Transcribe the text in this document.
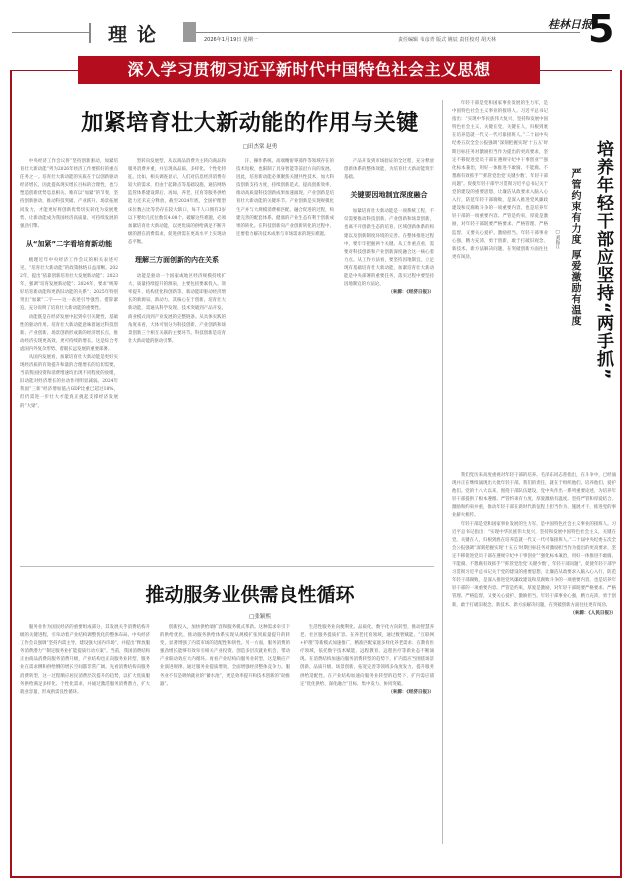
理论	2026年1月19日 星期一
桂林日报
责任编辑 韦彦青 版式 姚辰 责任校对 胡天林 5
深入学习贯彻习近平新时代中国特色社会主义思想
加紧培育壮大新动能的作用与关键
□田杰棠 赵勇

中央经济工作会议将“坚持创新驱动，加紧培育壮大新动能”列为2026年经济工作要抓好的重点任务之一。培育壮大新动能的实质在于以创新驱动经济增长，因此提高现实增长目标的合理性，也与塑造创新优势息息相关。唯有以“加紧”的节奏，坚持创新驱动，推动科技突破、产业跃升、场景拓展同发力，才能更好将创新优势切实转化为发展胜势，让新动能成为我国经济高质量、可持续发展的强劲引擎。

从“加紧”二字看培育新动能

梳理近年中央经济工作会议的相关表述可见，“培育壮大新动能”的政策脉络日益清晰。2022年，提出“依靠创新培育壮大发展新动能”；2023年，强调“培育发展新动能”；2024年，要求“统筹好培育新动能和更新旧动能的关系”；2025年特别突出“加紧”二字——这一表述引导强烈、措辞紧迫，充分说明了培育壮大新动能的重要性。

动能既是在经济发展中起到牵引关键性、基础性的驱动作用。培育壮大新动能意味着通过科技创新、产业创新、场景创新形成新的经济增长点，推动经济实现更高效、更可持续的增长。这是综合考虑国内外复杂形势、着眼长远发展的重要部署。

从国内发展看，加紧培育壮大新动能是更好实现经济质的有效提升和量的合理增长的迫切需要。当前我国投资和消费增速均出现不同程度的放缓，旧动能对经济增长的拉动作用明显减弱。2024年我国“三新”经济增加值占GDP比重已超过18%，但仍需进一步壮大才能真正挑起支撑经济发展的“大梁”。

型转向发展型，从以商品消费为主转向商品和服务消费并重，并呈现高品质、多样化、个性化特征。比如，相关调查显示，人们对信息经济消费有较大的需求，但由于起降点等基础设施、通信网络监管体系建设滞后，再如，养老、托育等服务供给能力还未充分释放，截至2024年底，全国护理型床位数占比等仍存在较大缺口，每千人口拥有3岁以下婴幼儿托位数仅4.08个。破解这些难题，必须加紧培育壮大新动能，以更优质的供给满足不断升级的潜在消费需求，促进供需在更高水平上实现动态平衡。

理解三方面创新的内在关系

动能是驱动一个国家或地区经济规模持续扩大、质量持续提升的源泉，主要包括要素投入、效率提升、结构优化和创新等。新动能即驱动经济增长的新源泉、新动力，其核心在于创新。培育壮大新动能，需通从科学发现、技术突破到产品开发、商业模式再到产业发展的完整链条。从具体实践的角度来看，大体可划分为科技创新、产业创新和场景创新三个相互关联的主要环节。科技创新是培育壮大新动能的驱动引擎。

汗、操作系统、高端精密零部件等领域存在的技术短板，也限制了具身智能等前沿方向的发展。因此，培育新动能必须聚焦关键共性技术，加大科技创新支持力度，持续创新范式，提高创新效率，推动高质量科技创新成果加速涌现。产业创新是培育壮大新动能的关键环节。产业创新是实现规模化生产并与大规模消费相匹配、融合促进的过程，构建完善的配套体系、健康的产业生态有利于创新成果的转化。在科技创新向产业创新转化的过程中，还要着力解决技术成果与市场需求的现实难题。

产品开发到市场验证的全过程，充分释放创新体系的整体效能，为培育壮大新动能筑牢基础。

关键要因地制宜深度融合

加紧培育壮大新动能是一项系统工程，不仅需要推动科技创新、产业创新和场景创新，也离不开创新生态的培育、区域创新体系的构建以及创新制度环境的完善。在整体推进过程中，要牢牢把握两个关键。从工作重点看，需要对科技创新和产业创新深度融合这一核心着力点。从工作方法看，要坚持因地制宜，立足现有基础培育壮大新动能，加紧培育壮大新动能是中央部署的重要任务，落实过程中要坚持因地制宜的方法论。

（来源：《经济日报》）

推动服务业供需良性循环
□张颖熙

服务业作为国民经济的重要组成部分，其发展关乎消费结构升级的关键进程，引牵动着产业结构调整优化的整体布局。中央经济工作会议强调“坚持内需主导，建设强大国内市场”，并提出“释放服务消费潜力”“制定服务业扩能提质行动方案”。当前，我国消费结构正由商品消费向服务消费升级，产业结构也正向服务业转型，服务业在需求侧和供给侧的增长空间都非常广阔。先看消费结构向服务消费转型，这一过程顺应居民消费层次提升的趋势，以扩大优质服务供给满足多样化、个性化需求，并通过激活服务消费潜力，扩大就业容量，形成供需良性循环。

创新投入，加快供给端扩容和服务模式革新。这种需求牵引下的供给优化，推动服务供给体系实现从规模扩张到质量提升的转变，显著增强了内需市场的适配性和韧性。另一方面，服务消费的强劲增长能够有效牵引相关产业投资、创造多层次就业机会，带动产业联动效应大内循环。再看产业结构向服务业转型，这是顺应产业演进规律、通过服务业提质增效，全面增强经济整体竞争力。服务业不仅是吸纳就业的“蓄水池”，更是效率提升和技术创新的“助推器”。

生活性服务业向便利化、品质化、数字化方向转型，推动智慧养老、社区服务提质扩容。在养老托育领域，通过数智赋能、“互联网+护理”等新模式加速推广，精准匹配家庭多样化养老需求；在教育医疗领域，依托数字技术赋能，远程教育、远程医疗等新业态不断涌现。在消费结构加速向服务消费转型的趋势下，扩内需应当围绕场景创新、品质升级、场景创新，拓宽完善等领域多角度发力，提升服务供给适配性。在产业结构加速向服务业转型的趋势下，扩内需应锚定“优化供给、深化融合”目标，集中发力、协同突破。

（来源：《经济日报》）

年轻干部是党和国家事业发展的生力军，是中国特色社会主义事业的接班人。习近平总书记指出：“实现中华民族伟大复兴，坚持和发展中国特色社会主义，关键在党，关键在人，归根到底在培养造就一代又一代可靠接班人。”二十届中央纪委五次全会公报强调“深刻把握实现‘十五五’时期目标任务对激励担当作为提出的更高要求，坚定不移促进党员干部在遵规守纪中干事创业”“强化标本兼治，用好一体推进不敢腐、不能腐、不想腐有效抓手”“抓管党治党‘关键少数’，年轻干部问题”。促使年轻干部学习贯彻习近平总书记关于党的建设的重要思想，让廉洁从政要求入脑入心入行，防范年轻干部腐败，是深入推进党风廉政建设和反腐败斗争的一项重要内容，也是培养年轻干部的一项重要内容。严管是约束，厚爱是激励，对年轻干部既要严格要求、严格管理、严格监督，又要关心爱护、激励担当。年轻干部事业心强，精力充沛，勇于创新，敢于打破旧观念、新技术、新方法解决问题，在突破创新方面往往更有闯劲。	培养年轻干部应坚持“两手抓”
严管约束有力度 厚爱激励有温度
□刘振江

我们党历来高度重视对年轻干部的培养。毛泽东同志曾指出，在斗争中，已经涌现并正在继续涌现出大批年轻干部，我们的责任，就在于组织他们、培养他们、爱护他们。党的十八大以来，围绕干部队伍建设，党中央作出一系列重要论述，为培养年轻干部提供了根本遵循。严管约束有力度，厚爱激励有温度。坚持严管和厚爱结合、激励和约束并重，推动年轻干部在新时代新征程上担当作为、施展才干，推进党的事业薪火相传。

年轻干部是党和国家事业发展的生力军，是中国特色社会主义事业的接班人。习近平总书记指出：“实现中华民族伟大复兴，坚持和发展中国特色社会主义，关键在党，关键在人，归根到底在培养造就一代又一代可靠接班人。”二十届中央纪委五次全会公报强调“深刻把握实现‘十五五’时期目标任务对激励担当作为提出的更高要求，坚定不移促进党员干部在遵规守纪中干事创业”“强化标本兼治，用好一体推进不敢腐、不能腐、不想腐有效抓手”“抓管党治党‘关键少数’，年轻干部问题”。促使年轻干部学习贯彻习近平总书记关于党的建设的重要思想，让廉洁从政要求入脑入心入行，防范年轻干部腐败，是深入推进党风廉政建设和反腐败斗争的一项重要内容，也是培养年轻干部的一项重要内容。严管是约束，厚爱是激励，对年轻干部既要严格要求、严格管理、严格监督，又要关心爱护、激励担当。年轻干部事业心强，精力充沛，勇于创新，敢于打破旧观念、新技术、新方法解决问题，在突破创新方面往往更有闯劲。

（来源：《人民日报》）
